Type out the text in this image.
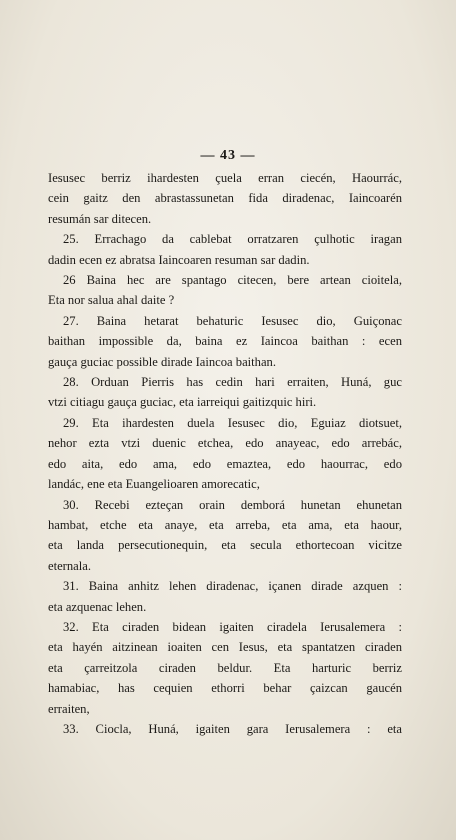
— 43 —
Iesusec berriz ihardesten çuela erran ciecén, Haourrác,
cein gaitz den abrastassunetan fida diradenac, Iaincoarén
resumán sar ditecen.
25. Errachago da cablebat orratzaren çulhotic iragan
dadin ecen ez abratsa Iaincoaren resuman sar dadin.
26 Baina hec are spantago citecen, bere artean cioitela,
Eta nor salua ahal daite ?
27. Baina hetarat behaturic Iesusec dio, Guiçonac
baithan impossible da, baina ez Iaincoa baithan : ecen
gauça guciac possible dirade Iaincoa baithan.
28. Orduan Pierris has cedin hari erraiten, Huná, guc
vtzi citiagu gauça guciac, eta iarreiqui gaitizquic hiri.
29. Eta ihardesten duela Iesusec dio, Eguiaz diotsuet,
nehor ezta vtzi duenic etchea, edo anayeac, edo arrebác,
edo aita, edo ama, edo emaztea, edo haourrac, edo
landác, ene eta Euangelioaren amorecatic,
30. Recebi ezteçan orain demborá hunetan ehunetan
hambat, etche eta anaye, eta arreba, eta ama, eta haour,
eta landa persecutionequin, eta secula ethortecoan vicitze
eternala.
31. Baina anhitz lehen diradenac, içanen dirade azquen :
eta azquenac lehen.
32. Eta ciraden bidean igaiten ciradela Ierusalemera :
eta hayén aitzinean ioaiten cen Iesus, eta spantatzen ciraden
eta çarreitzola ciraden beldur. Eta harturic berriz
hamabiac, has cequien ethorri behar çaizcan gaucén
erraiten,
33. Ciocla, Huná, igaiten gara Ierusalemera : eta
